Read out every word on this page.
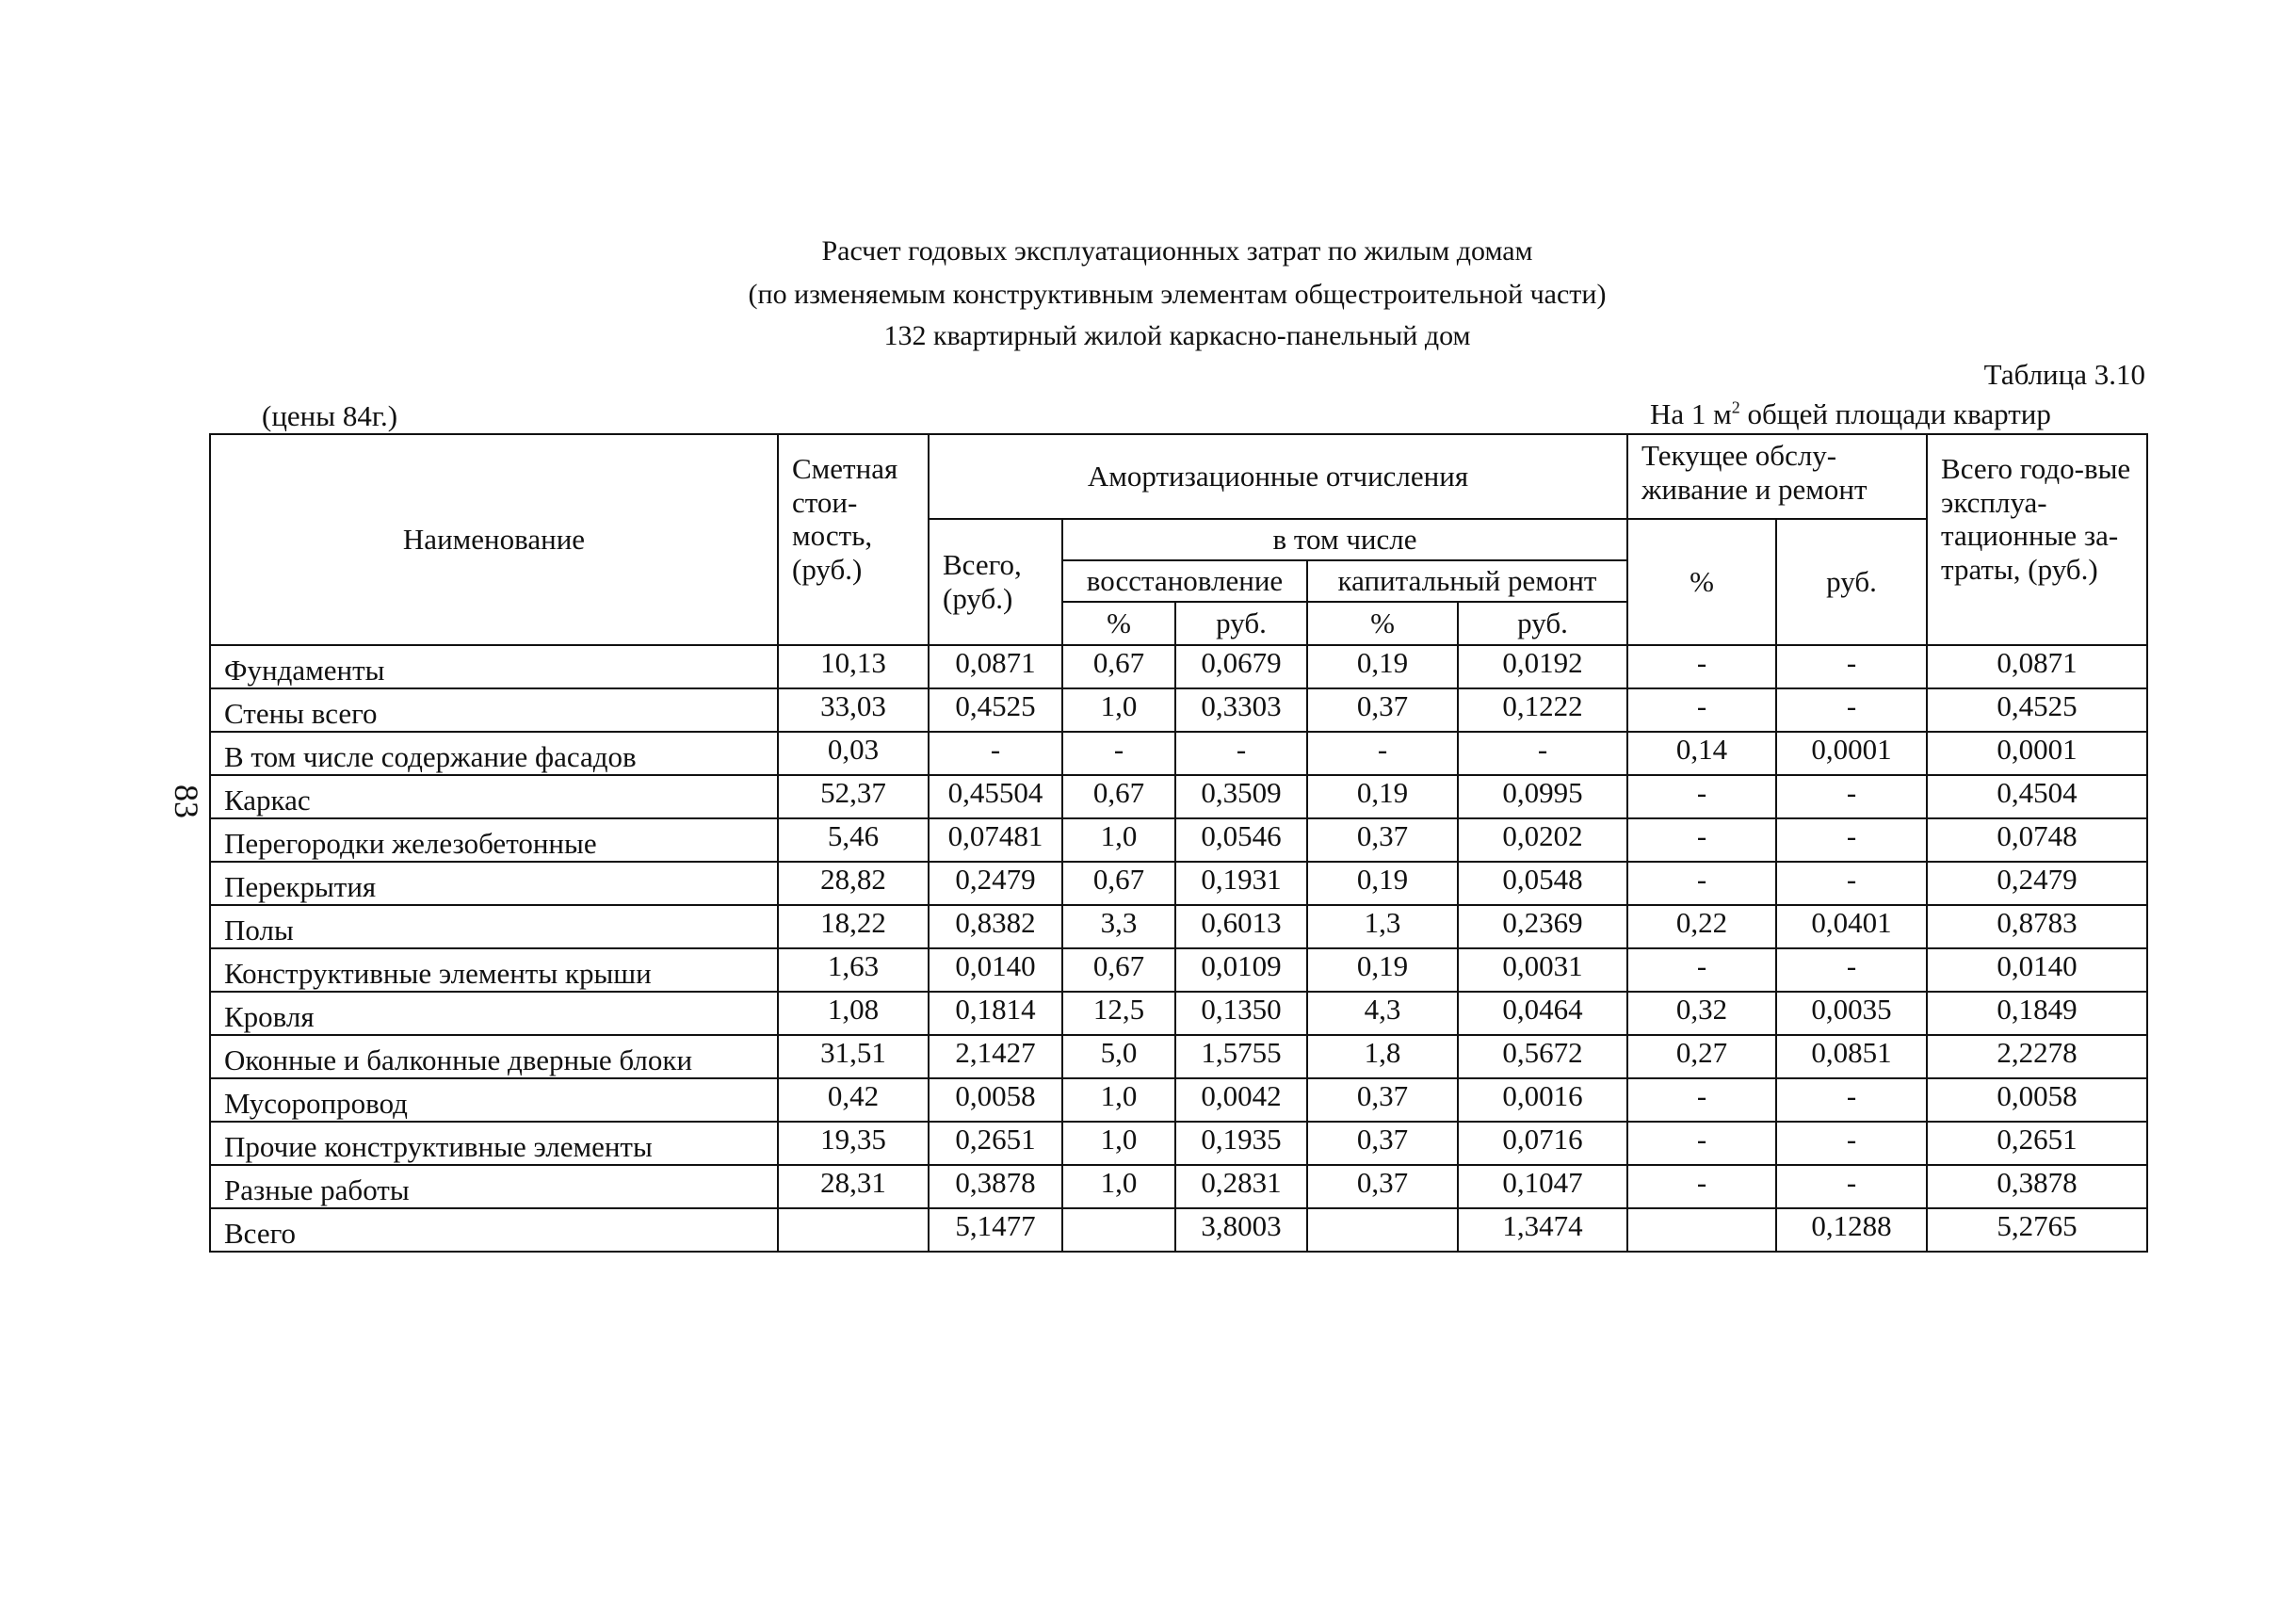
Расчет годовых эксплуатационных затрат по жилым домам
(по изменяемым конструктивным элементам общестроительной части)
132 квартирный жилой каркасно-панельный дом
Таблица 3.10
(цены 84г.)	На 1 $м^2$ общей площади квартир
83
Наименование	Сметная стои-мость, (руб.)	Амортизационные отчисления					Текущее обслу-живание и ремонт		Всего годо-вые эксплуа-тационные за-траты, (руб.)
		Всего, (руб.)	в том числе				%	руб.	
			восстановление		капитальный ремонт				
			%	руб.	%	руб.			
Фундаменты	10,13	0,0871	0,67	0,0679	0,19	0,0192	-	-	0,0871
Стены всего	33,03	0,4525	1,0	0,3303	0,37	0,1222	-	-	0,4525
В том числе содержание фасадов	0,03	-	-	-	-	-	0,14	0,0001	0,0001
Каркас	52,37	0,45504	0,67	0,3509	0,19	0,0995	-	-	0,4504
Перегородки железобетонные	5,46	0,07481	1,0	0,0546	0,37	0,0202	-	-	0,0748
Перекрытия	28,82	0,2479	0,67	0,1931	0,19	0,0548	-	-	0,2479
Полы	18,22	0,8382	3,3	0,6013	1,3	0,2369	0,22	0,0401	0,8783
Конструктивные элементы крыши	1,63	0,0140	0,67	0,0109	0,19	0,0031	-	-	0,0140
Кровля	1,08	0,1814	12,5	0,1350	4,3	0,0464	0,32	0,0035	0,1849
Оконные и балконные дверные блоки	31,51	2,1427	5,0	1,5755	1,8	0,5672	0,27	0,0851	2,2278
Мусоропровод	0,42	0,0058	1,0	0,0042	0,37	0,0016	-	-	0,0058
Прочие конструктивные элементы	19,35	0,2651	1,0	0,1935	0,37	0,0716	-	-	0,2651
Разные работы	28,31	0,3878	1,0	0,2831	0,37	0,1047	-	-	0,3878
Всего		5,1477		3,8003		1,3474		0,1288	5,2765
